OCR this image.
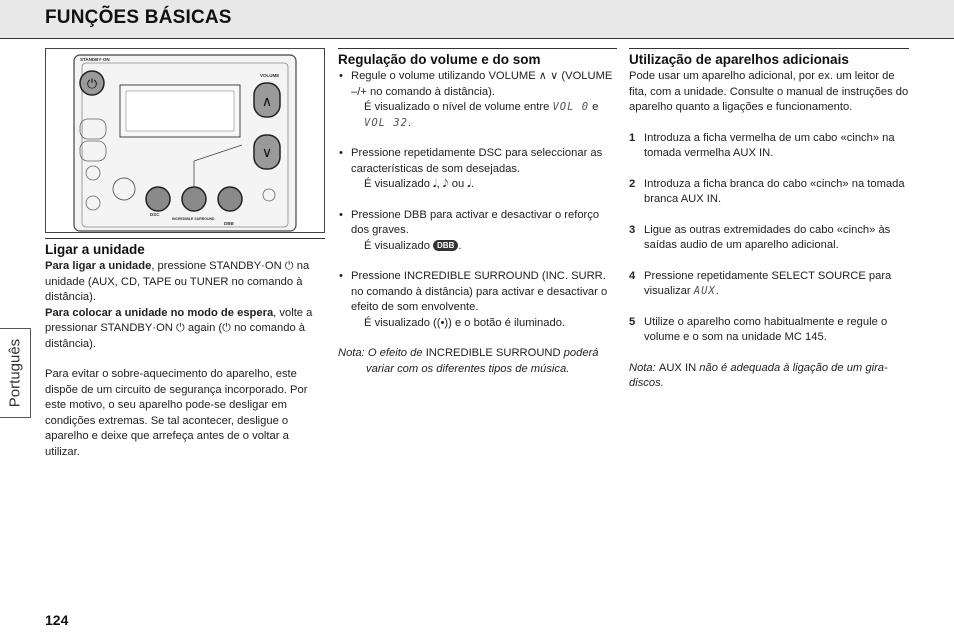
FUNÇÕES BÁSICAS
Português
STANDBY·ON
VOLUME
⏻
∧
∨
DSC
INCREDIBLE SURROUND
DBB
Ligar a unidade

Para ligar a unidade, pressione STANDBY·ON ⏻ na unidade (AUX, CD, TAPE ou TUNER no comando à distância).

Para colocar a unidade no modo de espera, volte a pressionar STANDBY·ON ⏻ again (⏻ no comando à distância).

Para evitar o sobre-aquecimento do aparelho, este dispõe de um circuito de segurança incorporado. Por este motivo, o seu aparelho pode-se desligar em condições extremas. Se tal acontecer, desligue o aparelho e deixe que arrefeça antes de o voltar a utilizar.

Regulação do volume e do som

• Regule o volume utilizando VOLUME ∧ ∨ (VOLUME –/+ no comando à distância).

É visualizado o nível de volume entre VOL 0 e VOL 32.

• Pressione repetidamente DSC para seleccionar as características de som desejadas.

É visualizado 𝅘𝅥, 𝅘𝅥𝅮 ou 𝅘𝅥.

• Pressione DBB para activar e desactivar o reforço dos graves.

É visualizado DBB .

• Pressione INCREDIBLE SURROUND (INC. SURR. no comando à distância) para activar e desactivar o efeito de som envolvente.

É visualizado ((•)) e o botão é iluminado.

Nota: O efeito de INCREDIBLE SURROUND poderá variar com os diferentes tipos de música.

Utilização de aparelhos adicionais

Pode usar um aparelho adicional, por ex. um leitor de fita, com a unidade. Consulte o manual de instruções do aparelho quanto a ligações e funcionamento.

1 Introduza a ficha vermelha de um cabo «cinch» na tomada vermelha AUX IN.

2 Introduza a ficha branca do cabo «cinch» na tomada branca AUX IN.

3 Ligue as outras extremidades do cabo «cinch» às saídas audio de um aparelho adicional.

4 Pressione repetidamente SELECT SOURCE para visualizar AUX.

5 Utilize o aparelho como habitualmente e regule o volume e o som na unidade MC 145.

Nota: AUX IN não é adequada à ligação de um gira-discos.

124
